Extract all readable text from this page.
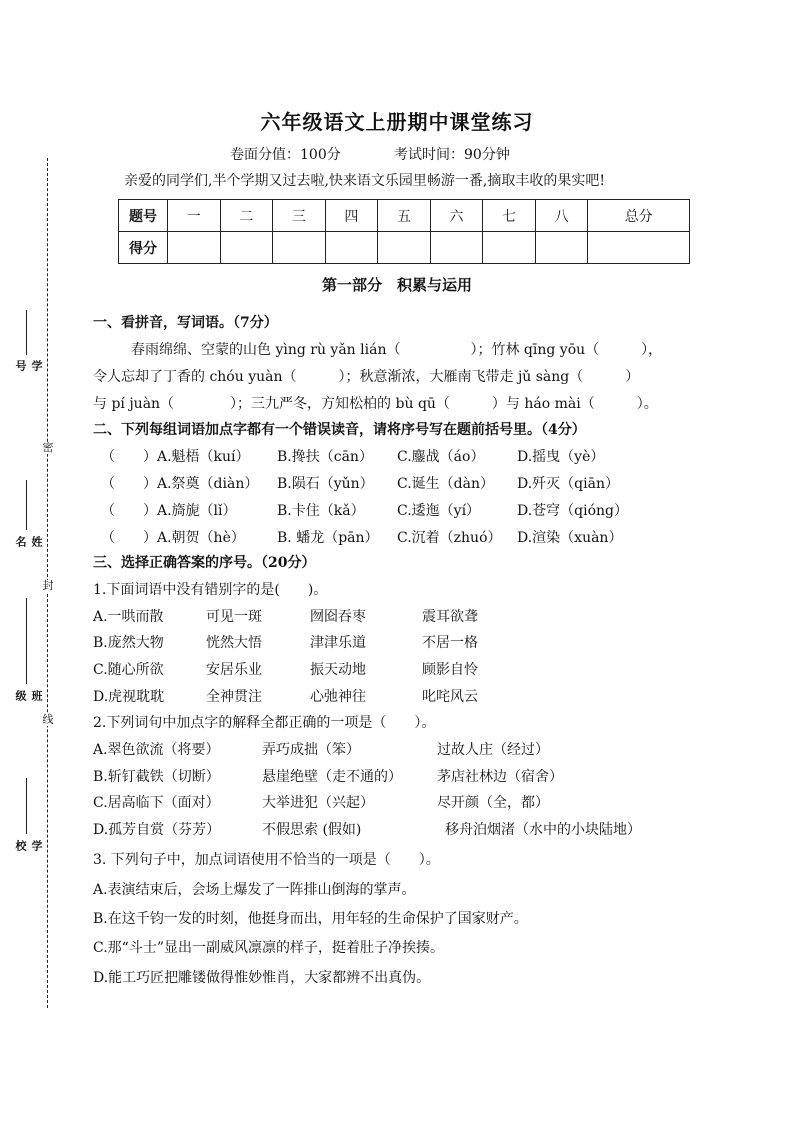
密
封
线
学号
姓名
班级
学校
六年级语文上册期中课堂练习
卷面分值：100分	考试时间：90分钟
亲爱的同学们,半个学期又过去啦,快来语文乐园里畅游一番,摘取丰收的果实吧!
题号	一	二	三	四	五	六	七	八	总分
得分									
第一部分　积累与运用
一、看拼音，写词语。（7分）
春雨绵绵、空蒙的山色 yìng rù yǎn lián（　　　　　）；竹林 qīng yōu（　　　），
令人忘却了丁香的 chóu yuàn（　　　）；秋意渐浓，大雁南飞带走 jǔ sàng（　　　）
与 pí juàn（　　　　）；三九严冬，方知松柏的 bù qū（　　　）与 háo mài（　　　）。
二、下列每组词语加点字都有一个错误读音，请将序号写在题前括号里。（4分）
（　　）A.魁梧（kuí） B.搀扶（cān） C.鏖战（áo） D.摇曳（yè）
（　　）A.祭奠（diàn） B.陨石（yǔn） C.诞生（dàn） D.歼灭（qiān）
（　　）A.旖旎（lǐ）	B.卡住（kǎ） C.逶迤（yí）	D.苍穹（qióng）
（　　）A.朝贺（hè） B. 蟠龙（pān） C.沉着（zhuó） D.渲染（xuàn）
三、选择正确答案的序号。（20分）
1.下面词语中没有错别字的是(　　)。
A.一哄而散	可见一斑	囫囵吞枣	震耳欲聋
B.庞然大物	恍然大悟	津津乐道	不居一格
C.随心所欲	安居乐业	振天动地	顾影自怜
D.虎视耽耽	全神贯注	心弛神往	叱咤风云
2.下列词句中加点字的解释全都正确的一项是（　　）。
A.翠色欲流（将要）	弄巧成拙（笨）	过故人庄（经过）
B.斩钉截铁（切断）	悬崖绝壁（走不通的）	茅店社林边（宿舍）
C.居高临下（面对）	大举进犯（兴起）	尽开颜（全，都）
D.孤芳自赏（芬芳）	不假思索 (假如)	移舟泊烟渚（水中的小块陆地）
3. 下列句子中，加点词语使用不恰当的一项是（　　）。
A.表演结束后，会场上爆发了一阵排山倒海的掌声。
B.在这千钧一发的时刻，他挺身而出，用年轻的生命保护了国家财产。
C.那“斗士”显出一副威风凛凛的样子，挺着肚子净挨揍。
D.能工巧匠把雕镂做得惟妙惟肖，大家都辨不出真伪。
